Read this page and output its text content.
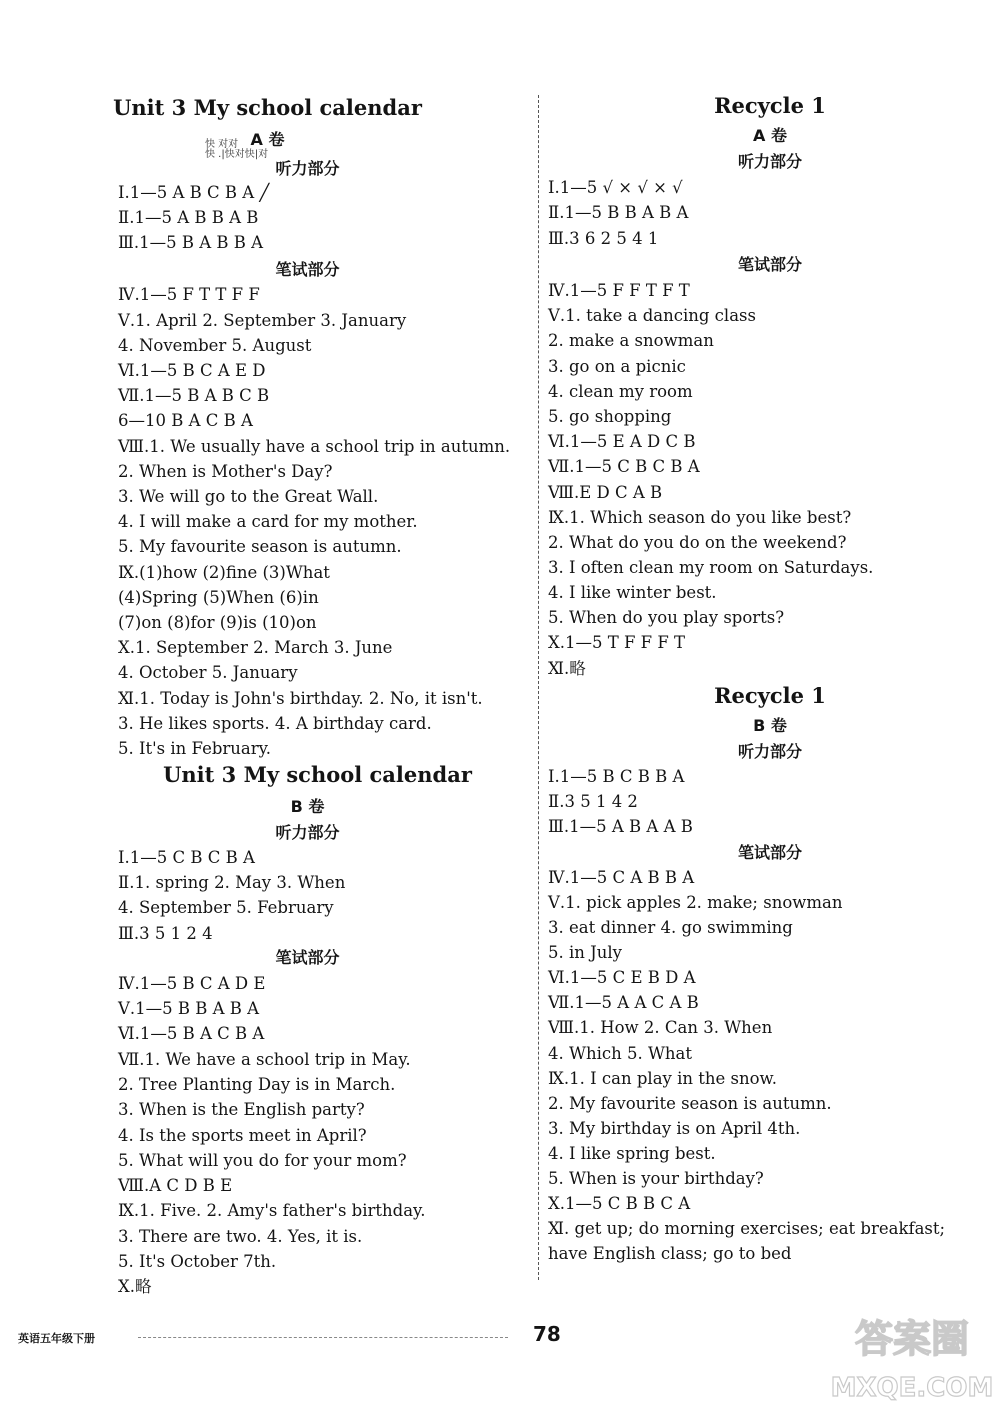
Unit 3 My school calendar
A 卷
快 对对
快 .|快对快|对
听力部分
Ⅰ.1—5 A B C B A ╱
Ⅱ.1—5 A B B A B
Ⅲ.1—5 B A B B A
笔试部分
Ⅳ.1—5 F T T F F
Ⅴ.1. April 2. September 3. January
4. November 5. August
Ⅵ.1—5 B C A E D
Ⅶ.1—5 B A B C B
6—10 B A C B A
Ⅷ.1. We usually have a school trip in autumn.
2. When is Mother's Day?
3. We will go to the Great Wall.
4. I will make a card for my mother.
5. My favourite season is autumn.
Ⅸ.(1)how (2)fine (3)What
(4)Spring (5)When (6)in
(7)on (8)for (9)is (10)on
Ⅹ.1. September 2. March 3. June
4. October 5. January
Ⅺ.1. Today is John's birthday. 2. No, it isn't.
3. He likes sports. 4. A birthday card.
5. It's in February.
Unit 3 My school calendar
B 卷
听力部分
Ⅰ.1—5 C B C B A
Ⅱ.1. spring 2. May 3. When
4. September 5. February
Ⅲ.3 5 1 2 4
笔试部分
Ⅳ.1—5 B C A D E
Ⅴ.1—5 B B A B A
Ⅵ.1—5 B A C B A
Ⅶ.1. We have a school trip in May.
2. Tree Planting Day is in March.
3. When is the English party?
4. Is the sports meet in April?
5. What will you do for your mom?
Ⅷ.A C D B E
Ⅸ.1. Five. 2. Amy's father's birthday.
3. There are two. 4. Yes, it is.
5. It's October 7th.
Ⅹ.略
Recycle 1
A 卷
听力部分
Ⅰ.1—5 √ × √ × √
Ⅱ.1—5 B B A B A
Ⅲ.3 6 2 5 4 1
笔试部分
Ⅳ.1—5 F F T F T
Ⅴ.1. take a dancing class
2. make a snowman
3. go on a picnic
4. clean my room
5. go shopping
Ⅵ.1—5 E A D C B
Ⅶ.1—5 C B C B A
Ⅷ.E D C A B
Ⅸ.1. Which season do you like best?
2. What do you do on the weekend?
3. I often clean my room on Saturdays.
4. I like winter best.
5. When do you play sports?
Ⅹ.1—5 T F F F T
Ⅺ.略
Recycle 1
B 卷
听力部分
Ⅰ.1—5 B C B B A
Ⅱ.3 5 1 4 2
Ⅲ.1—5 A B A A B
笔试部分
Ⅳ.1—5 C A B B A
Ⅴ.1. pick apples 2. make; snowman
3. eat dinner 4. go swimming
5. in July
Ⅵ.1—5 C E B D A
Ⅶ.1—5 A A C A B
Ⅷ.1. How 2. Can 3. When
4. Which 5. What
Ⅸ.1. I can play in the snow.
2. My favourite season is autumn.
3. My birthday is on April 4th.
4. I like spring best.
5. When is your birthday?
Ⅹ.1—5 C B B C A
Ⅺ. get up; do morning exercises; eat breakfast;
have English class; go to bed
英语五年级下册	78	答案圈
MXQE.COM
